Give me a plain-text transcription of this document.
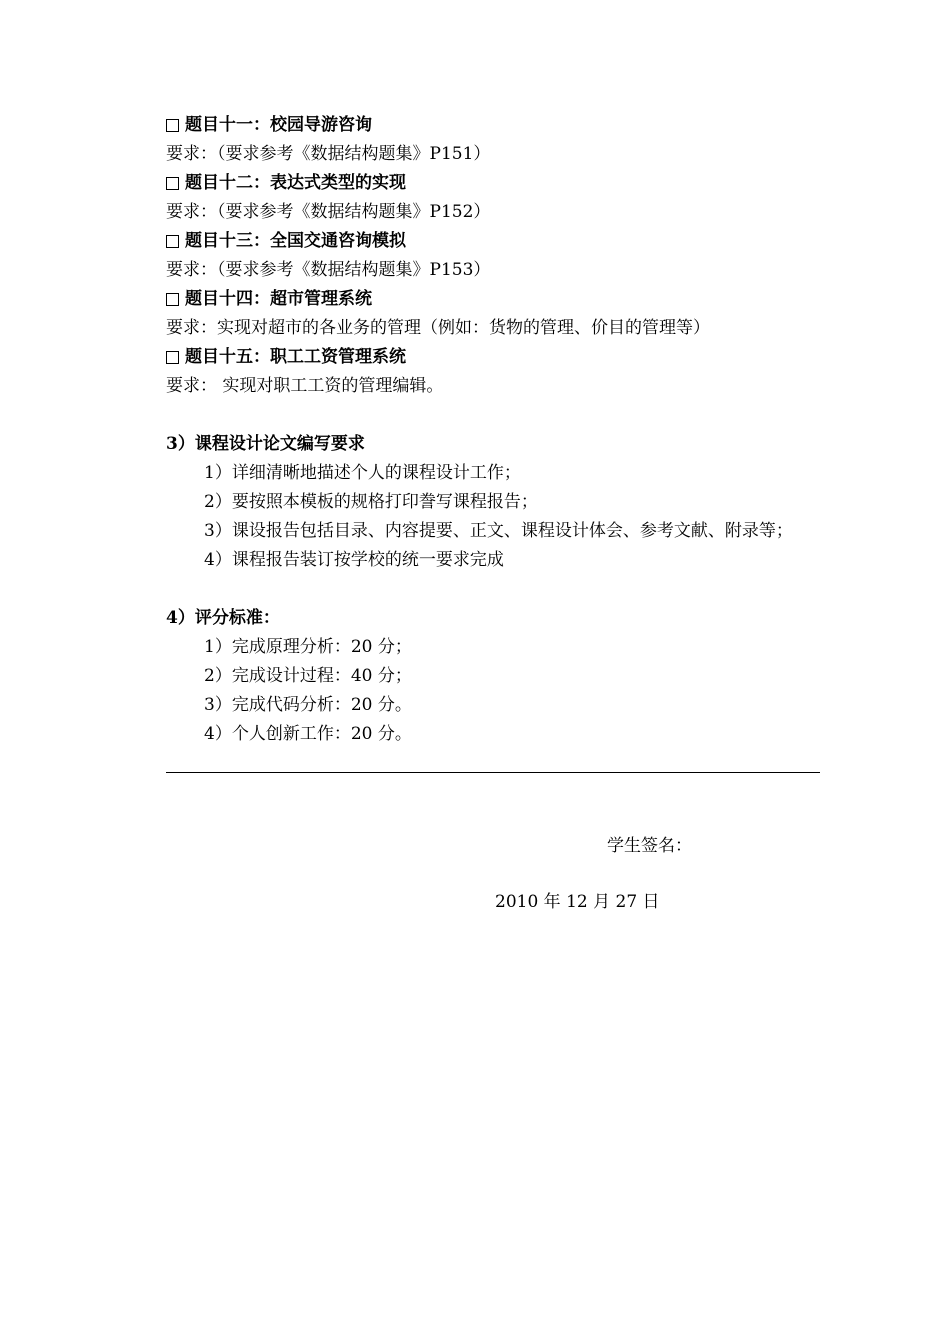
题目十一：校园导游咨询
要求：（要求参考《数据结构题集》P151）
题目十二：表达式类型的实现
要求：（要求参考《数据结构题集》P152）
题目十三：全国交通咨询模拟
要求：（要求参考《数据结构题集》P153）
题目十四：超市管理系统
要求：实现对超市的各业务的管理（例如：货物的管理、价目的管理等）
题目十五：职工工资管理系统
要求： 实现对职工工资的管理编辑。
3）课程设计论文编写要求
1）详细清晰地描述个人的课程设计工作；
2）要按照本模板的规格打印誊写课程报告；
3）课设报告包括目录、内容提要、正文、课程设计体会、参考文献、附录等；
4）课程报告装订按学校的统一要求完成
4）评分标准：
1）完成原理分析：20 分；
2）完成设计过程：40 分；
3）完成代码分析：20 分。
4）个人创新工作：20 分。
学生签名：
2010 年 12 月 27 日
